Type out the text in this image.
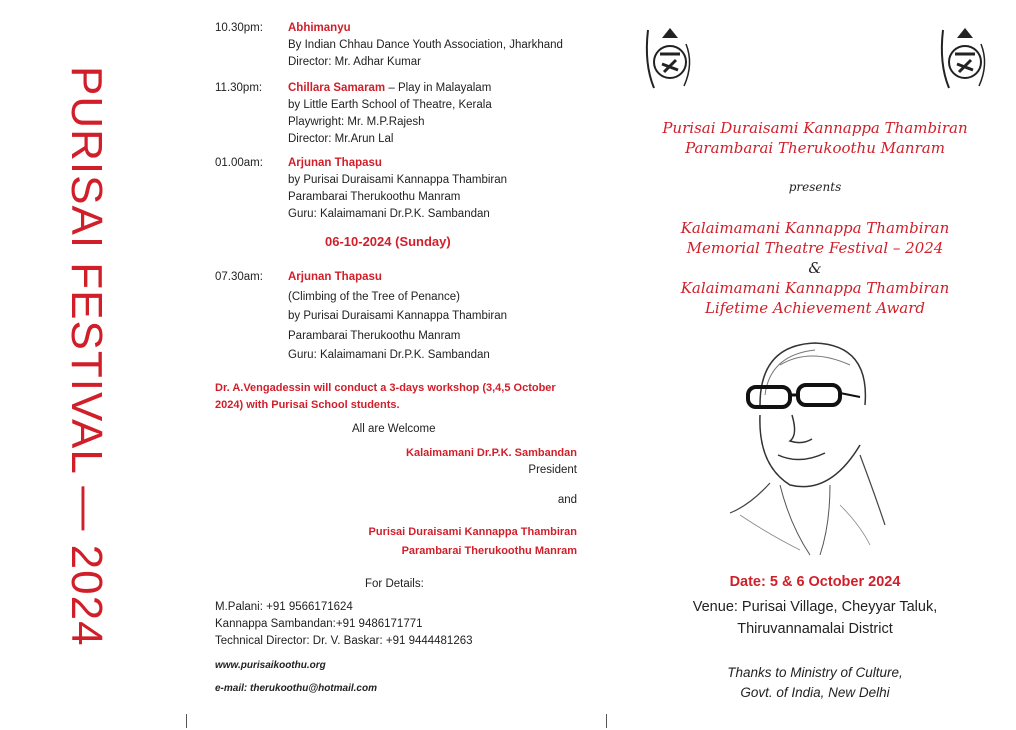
PURISAI FESTIVAL — 2024
10.30pm: Abhimanyu
By Indian Chhau Dance Youth Association, Jharkhand
Director: Mr. Adhar Kumar
11.30pm: Chillara Samaram – Play in Malayalam
by Little Earth School of Theatre, Kerala
Playwright: Mr. M.P.Rajesh
Director: Mr.Arun Lal
01.00am: Arjunan Thapasu
by Purisai Duraisami Kannappa Thambiran
Parambarai Therukoothu Manram
Guru: Kalaimamani Dr.P.K. Sambandan
06-10-2024 (Sunday)
07.30am: Arjunan Thapasu
(Climbing of the Tree of Penance)
by Purisai Duraisami Kannappa Thambiran
Parambarai Therukoothu Manram
Guru: Kalaimamani Dr.P.K. Sambandan
Dr. A.Vengadessin will conduct a 3-days workshop (3,4,5 October
2024) with Purisai School students.
All are Welcome
Kalaimamani Dr.P.K. Sambandan
President
and
Purisai Duraisami Kannappa Thambiran
Parambarai Therukoothu Manram
For Details:
M.Palani: +91 9566171624
Kannappa Sambandan:+91 9486171771
Technical Director: Dr. V. Baskar: +91 9444481263
www.purisaikoothu.org
e-mail: therukoothu@hotmail.com
Purisai Duraisami Kannappa Thambiran
Parambarai Therukoothu Manram
presents
Kalaimamani Kannappa Thambiran
Memorial Theatre Festival – 2024
&
Kalaimamani Kannappa Thambiran
Lifetime Achievement Award
Date: 5 & 6 October 2024
Venue: Purisai Village, Cheyyar Taluk,
Thiruvannamalai District
Thanks to Ministry of Culture,
Govt. of India, New Delhi
